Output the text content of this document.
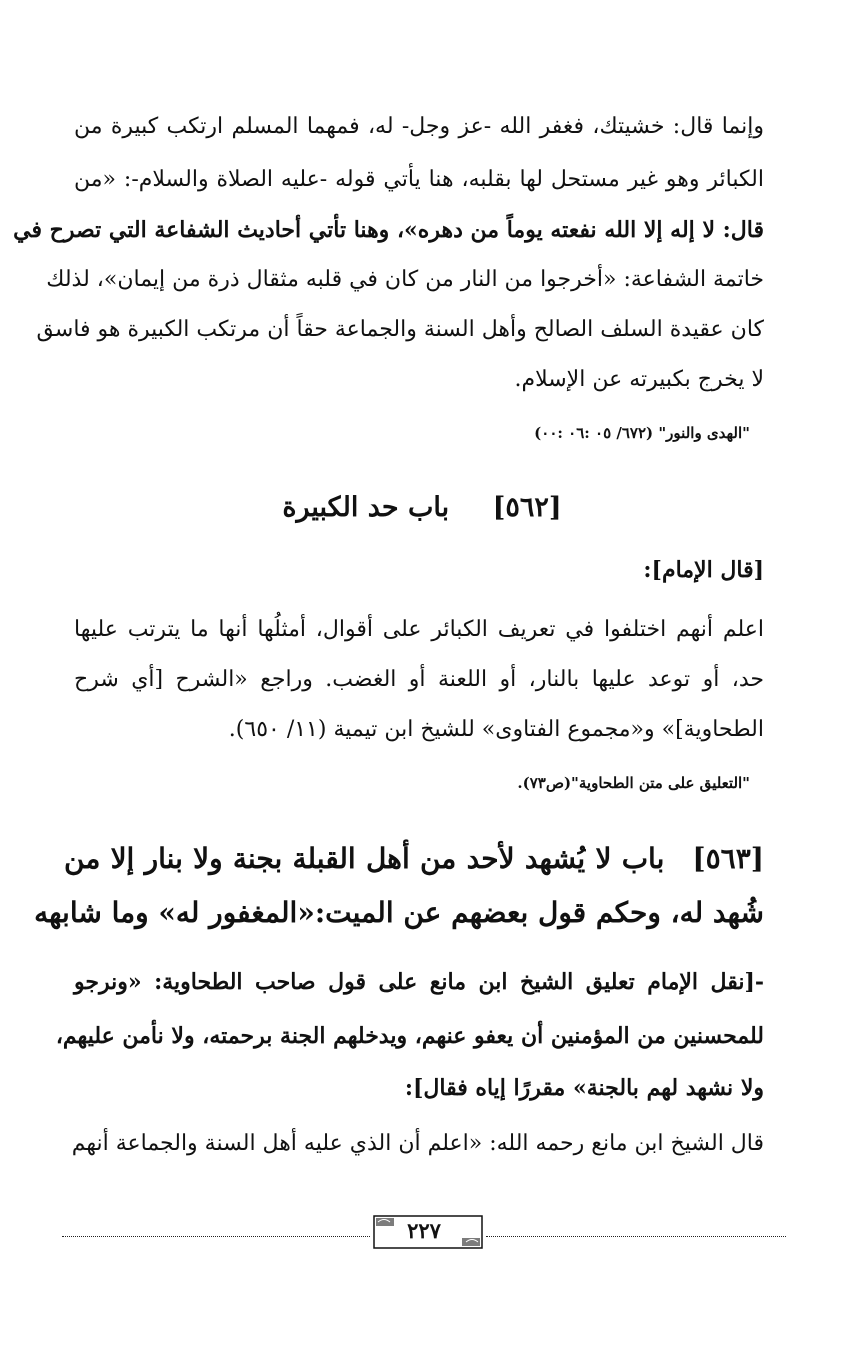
وإنما قال: خشيتك، فغفر الله -عز وجل- له، فمهما المسلم ارتكب كبيرة من
الكبائر وهو غير مستحل لها بقلبه، هنا يأتي قوله -عليه الصلاة والسلام-: «من
قال: لا إله إلا الله نفعته يوماً من دهره»، وهنا تأتي أحاديث الشفاعة التي تصرح في
خاتمة الشفاعة: «أخرجوا من النار من كان في قلبه مثقال ذرة من إيمان»، لذلك
كان عقيدة السلف الصالح وأهل السنة والجماعة حقاً أن مرتكب الكبيرة هو فاسق
لا يخرج بكبيرته عن الإسلام.
"الهدى والنور" (٦٧٢/ ٠٥ :٠٦ :٠٠)
[٥٦٢] باب حد الكبيرة
[قال الإمام]:
اعلم أنهم اختلفوا في تعريف الكبائر على أقوال، أمثلُها أنها ما يترتب عليها
حد، أو توعد عليها بالنار، أو اللعنة أو الغضب. وراجع «الشرح [أي شرح
الطحاوية]» و«مجموع الفتاوى» للشيخ ابن تيمية (١١/ ٦٥٠).
"التعليق على متن الطحاوية"(ص٧٣).
[٥٦٣]باب لا يُشهد لأحد من أهل القبلة بجنة ولا بنار إلا من
شُهد له، وحكم قول بعضهم عن الميت:«المغفور له» وما شابهه
-[نقل الإمام تعليق الشيخ ابن مانع على قول صاحب الطحاوية: «ونرجو
للمحسنين من المؤمنين أن يعفو عنهم، ويدخلهم الجنة برحمته، ولا نأمن عليهم،
ولا نشهد لهم بالجنة» مقررًا إياه فقال]:
قال الشيخ ابن مانع رحمه الله: «اعلم أن الذي عليه أهل السنة والجماعة أنهم
٢٢٧
